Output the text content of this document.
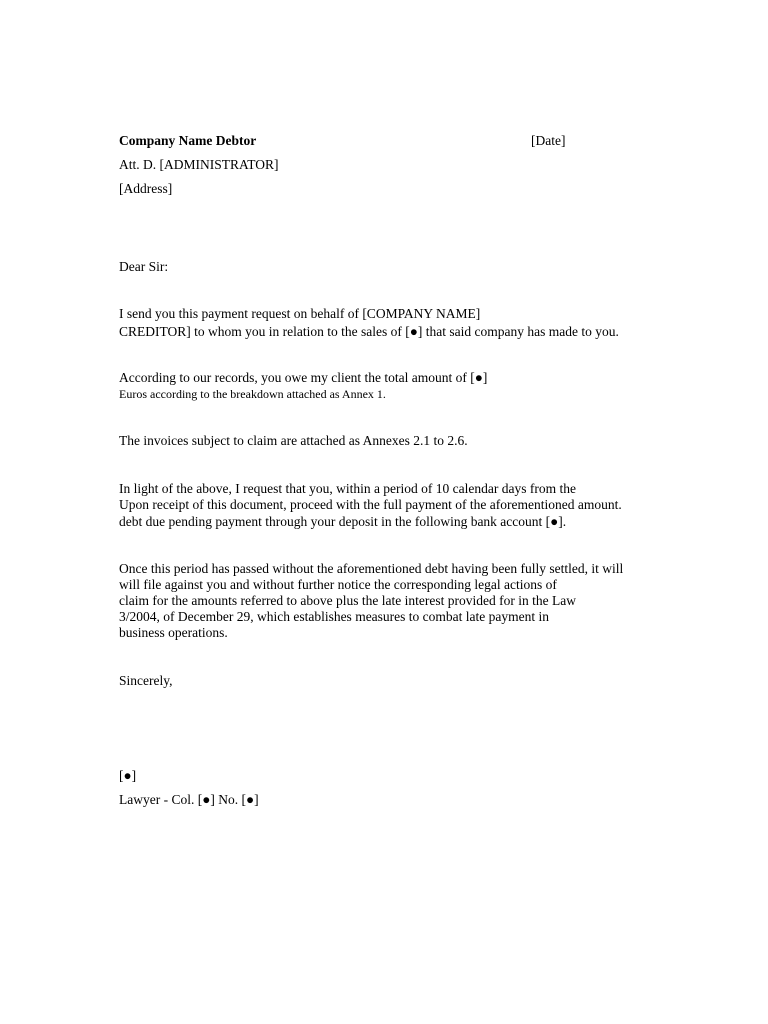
Company Name Debtor	[Date]
Att. D. [ADMINISTRATOR]
[Address]
Dear Sir:
I send you this payment request on behalf of [COMPANY NAME]
CREDITOR] to whom you in relation to the sales of [●] that said company has made to you.
According to our records, you owe my client the total amount of [●]
Euros according to the breakdown attached as Annex 1.
The invoices subject to claim are attached as Annexes 2.1 to 2.6.
In light of the above, I request that you, within a period of 10 calendar days from the
Upon receipt of this document, proceed with the full payment of the aforementioned amount.
debt due pending payment through your deposit in the following bank account [●].
Once this period has passed without the aforementioned debt having been fully settled, it will
will file against you and without further notice the corresponding legal actions of
claim for the amounts referred to above plus the late interest provided for in the Law
3/2004, of December 29, which establishes measures to combat late payment in
business operations.
Sincerely,
[●]
Lawyer - Col. [●] No. [●]
